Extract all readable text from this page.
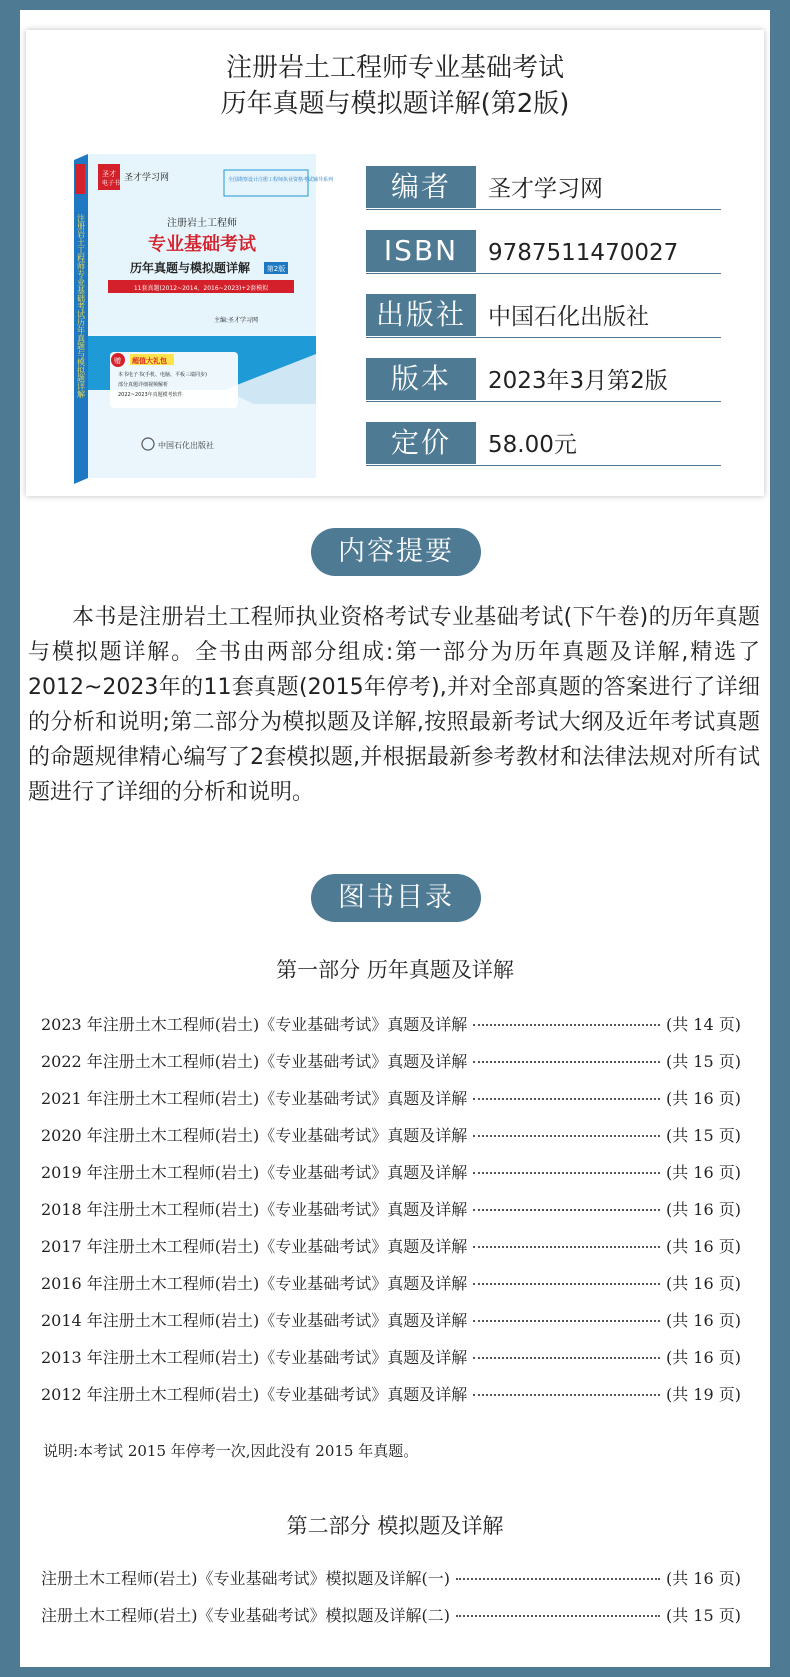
注册岩土工程师专业基础考试
历年真题与模拟题详解(第2版)
注册岩土工程师专业基础考试历年真题与模拟题详解
圣才
电子书
圣才学习网	全国勘察设计注册工程师执业资格考试辅导系列
注册岩土工程师
专业基础考试
历年真题与模拟题详解 第2版
11套真题(2012~2014、2016~2023)+2套模拟
主编:圣才学习网
赠 超值大礼包
本书电子书(手机、电脑、平板三端同步)
部分真题详细视频解析
2022~2023年真题模考软件
中国石化出版社
编者	圣才学习网
ISBN	9787511470027
出版社 中国石化出版社
版本	2023年3月第2版
定价	58.00元
内容提要

本书是注册岩土工程师执业资格考试专业基础考试(下午卷)的历年真题与模拟题详解。全书由两部分组成:第一部分为历年真题及详解,精选了2012~2023年的11套真题(2015年停考),并对全部真题的答案进行了详细的分析和说明;第二部分为模拟题及详解,按照最新考试大纲及近年考试真题的命题规律精心编写了2套模拟题,并根据最新参考教材和法律法规对所有试题进行了详细的分析和说明。

图书目录
第一部分 历年真题及详解
2023 年注册土木工程师(岩土)《专业基础考试》真题及详解	(共 14 页)
2022 年注册土木工程师(岩土)《专业基础考试》真题及详解	(共 15 页)
2021 年注册土木工程师(岩土)《专业基础考试》真题及详解	(共 16 页)
2020 年注册土木工程师(岩土)《专业基础考试》真题及详解	(共 15 页)
2019 年注册土木工程师(岩土)《专业基础考试》真题及详解	(共 16 页)
2018 年注册土木工程师(岩土)《专业基础考试》真题及详解	(共 16 页)
2017 年注册土木工程师(岩土)《专业基础考试》真题及详解	(共 16 页)
2016 年注册土木工程师(岩土)《专业基础考试》真题及详解	(共 16 页)
2014 年注册土木工程师(岩土)《专业基础考试》真题及详解	(共 16 页)
2013 年注册土木工程师(岩土)《专业基础考试》真题及详解	(共 16 页)
2012 年注册土木工程师(岩土)《专业基础考试》真题及详解	(共 19 页)
说明:本考试 2015 年停考一次,因此没有 2015 年真题。
第二部分 模拟题及详解
注册土木工程师(岩土)《专业基础考试》模拟题及详解(一)	(共 16 页)
注册土木工程师(岩土)《专业基础考试》模拟题及详解(二)	(共 15 页)
